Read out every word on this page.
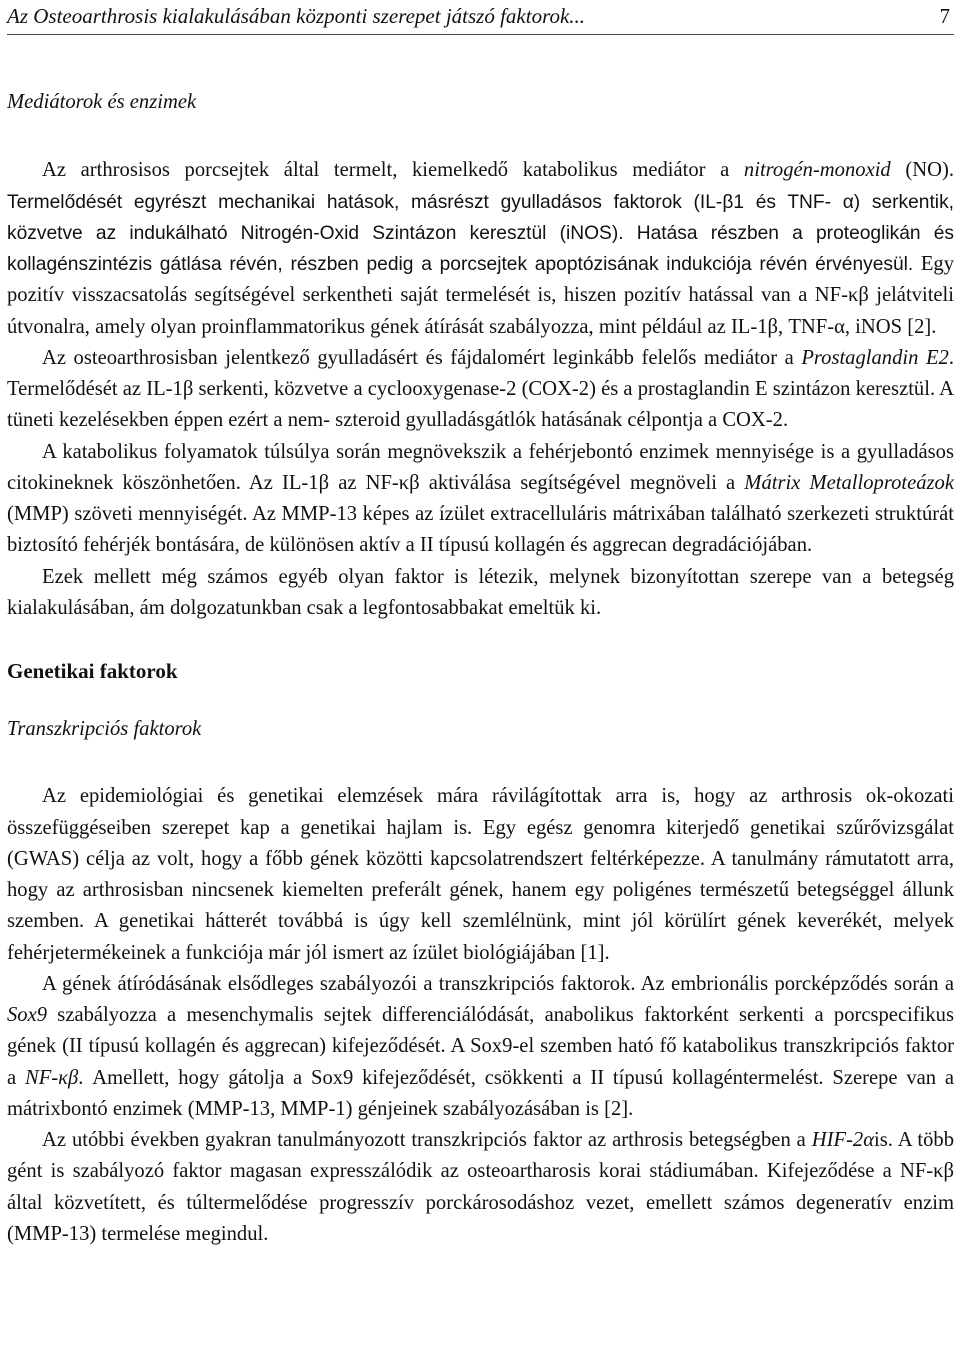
Az Osteoarthrosis kialakulásában központi szerepet játszó faktorok...	7
Mediátorok és enzimek

Az arthrosisos porcsejtek által termelt, kiemelkedő katabolikus mediátor a nitrogén-monoxid (NO). Termelődését egyrészt mechanikai hatások, másrészt gyulladásos faktorok (IL-β1 és TNF- α) serkentik, közvetve az indukálható Nitrogén-Oxid Szintázon keresztül (iNOS). Hatása részben a proteoglikán és kollagénszintézis gátlása révén, részben pedig a porcsejtek apoptózisának indukciója révén érvényesül. Egy pozitív visszacsatolás segítségével serkentheti saját termelését is, hiszen pozitív hatással van a NF-κβ jelátviteli útvonalra, amely olyan proinflammatorikus gének átírását szabályozza, mint például az IL-1β, TNF-α, iNOS [2].

Az osteoarthrosisban jelentkező gyulladásért és fájdalomért leginkább felelős mediátor a Prostaglandin E2. Termelődését az IL-1β serkenti, közvetve a cyclooxygenase-2 (COX-2) és a prostaglandin E szintázon keresztül. A tüneti kezelésekben éppen ezért a nem- szteroid gyulladásgátlók hatásának célpontja a COX-2.

A katabolikus folyamatok túlsúlya során megnövekszik a fehérjebontó enzimek mennyisége is a gyulladásos citokineknek köszönhetően. Az IL-1β az NF-κβ aktiválása segítségével megnöveli a Mátrix Metalloproteázok (MMP) szöveti mennyiségét. Az MMP-13 képes az ízület extracelluláris mátrixában található szerkezeti struktúrát biztosító fehérjék bontására, de különösen aktív a II típusú kollagén és aggrecan degradációjában.

Ezek mellett még számos egyéb olyan faktor is létezik, melynek bizonyítottan szerepe van a betegség kialakulásában, ám dolgozatunkban csak a legfontosabbakat emeltük ki.

Genetikai faktorok
Transzkripciós faktorok

Az epidemiológiai és genetikai elemzések mára rávilágítottak arra is, hogy az arthrosis ok-okozati összefüggéseiben szerepet kap a genetikai hajlam is. Egy egész genomra kiterjedő genetikai szűrővizsgálat (GWAS) célja az volt, hogy a főbb gének közötti kapcsolatrendszert feltérképezze. A tanulmány rámutatott arra, hogy az arthrosisban nincsenek kiemelten preferált gének, hanem egy poligénes természetű betegséggel állunk szemben. A genetikai hátterét továbbá is úgy kell szemlélnünk, mint jól körülírt gének keverékét, melyek fehérjetermékeinek a funkciója már jól ismert az ízület biológiájában [1].

A gének átíródásának elsődleges szabályozói a transzkripciós faktorok. Az embrionális porcképződés során a Sox9 szabályozza a mesenchymalis sejtek differenciálódását, anabolikus faktorként serkenti a porcspecifikus gének (II típusú kollagén és aggrecan) kifejeződését. A Sox9-el szemben ható fő katabolikus transzkripciós faktor a NF-κβ. Amellett, hogy gátolja a Sox9 kifejeződését, csökkenti a II típusú kollagéntermelést. Szerepe van a mátrixbontó enzimek (MMP-13, MMP-1) génjeinek szabályozásában is [2].

Az utóbbi években gyakran tanulmányozott transzkripciós faktor az arthrosis betegségben a HIF-2αis. A több gént is szabályozó faktor magasan expresszálódik az osteoartharosis korai stádiumában. Kifejeződése a NF-κβ által közvetített, és túltermelődése progresszív porckárosodáshoz vezet, emellett számos degeneratív enzim (MMP-13) termelése megindul.
